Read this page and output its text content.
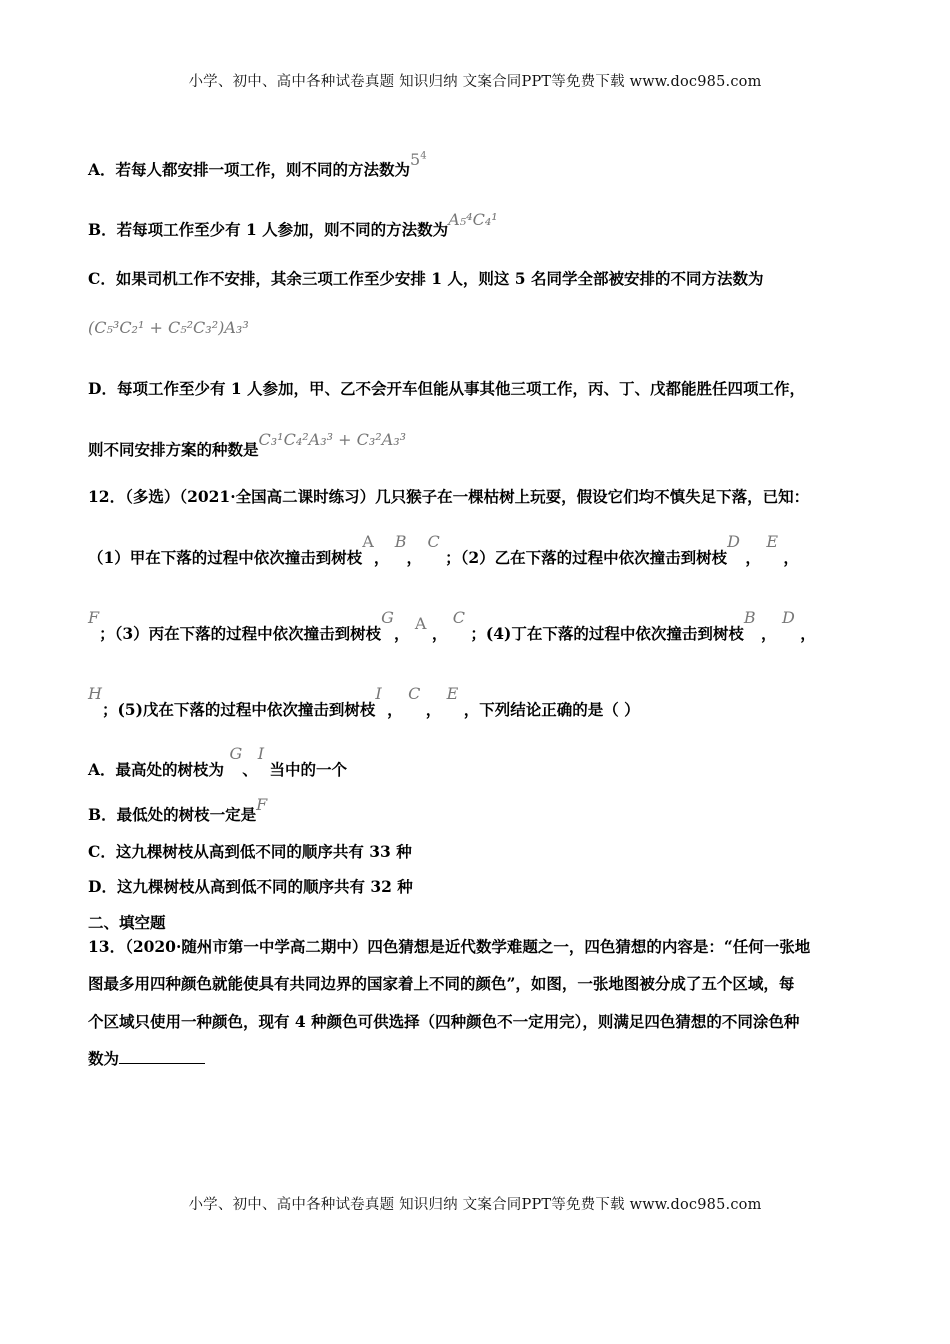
小学、初中、高中各种试卷真题 知识归纳 文案合同PPT等免费下载 www.doc985.com
A．若每人都安排一项工作，则不同的方法数为$5^4$
B．若每项工作至少有 1 人参加，则不同的方法数为A₅⁴C₄¹
C．如果司机工作不安排，其余三项工作至少安排 1 人，则这 5 名同学全部被安排的不同方法数为
(C₅³C₂¹ + C₅²C₃²)A₃³
D．每项工作至少有 1 人参加，甲、乙不会开车但能从事其他三项工作，丙、丁、戊都能胜任四项工作，
则不同安排方案的种数是C₃¹C₄²A₃³ + C₃²A₃³
12．（多选）（2021·全国高二课时练习）几只猴子在一棵枯树上玩耍，假设它们均不慎失足下落，已知：
（1）甲在下落的过程中依次撞击到树枝A， B， C ；（2）乙在下落的过程中依次撞击到树枝D ， E ，
F；（3）丙在下落的过程中依次撞击到树枝G， A ， C ；(4)丁在下落的过程中依次撞击到树枝B ， D ，
H；(5)戊在下落的过程中依次撞击到树枝I ， C ， E ，下列结论正确的是（ ）
A．最高处的树枝为 G、I 当中的一个
B．最低处的树枝一定是F
C．这九棵树枝从高到低不同的顺序共有 33 种
D．这九棵树枝从高到低不同的顺序共有 32 种
二、填空题
13．（2020·随州市第一中学高二期中）四色猜想是近代数学难题之一，四色猜想的内容是：“任何一张地
图最多用四种颜色就能使具有共同边界的国家着上不同的颜色”，如图，一张地图被分成了五个区域，每
个区域只使用一种颜色，现有 4 种颜色可供选择（四种颜色不一定用完），则满足四色猜想的不同涂色种
数为
小学、初中、高中各种试卷真题 知识归纳 文案合同PPT等免费下载 www.doc985.com
